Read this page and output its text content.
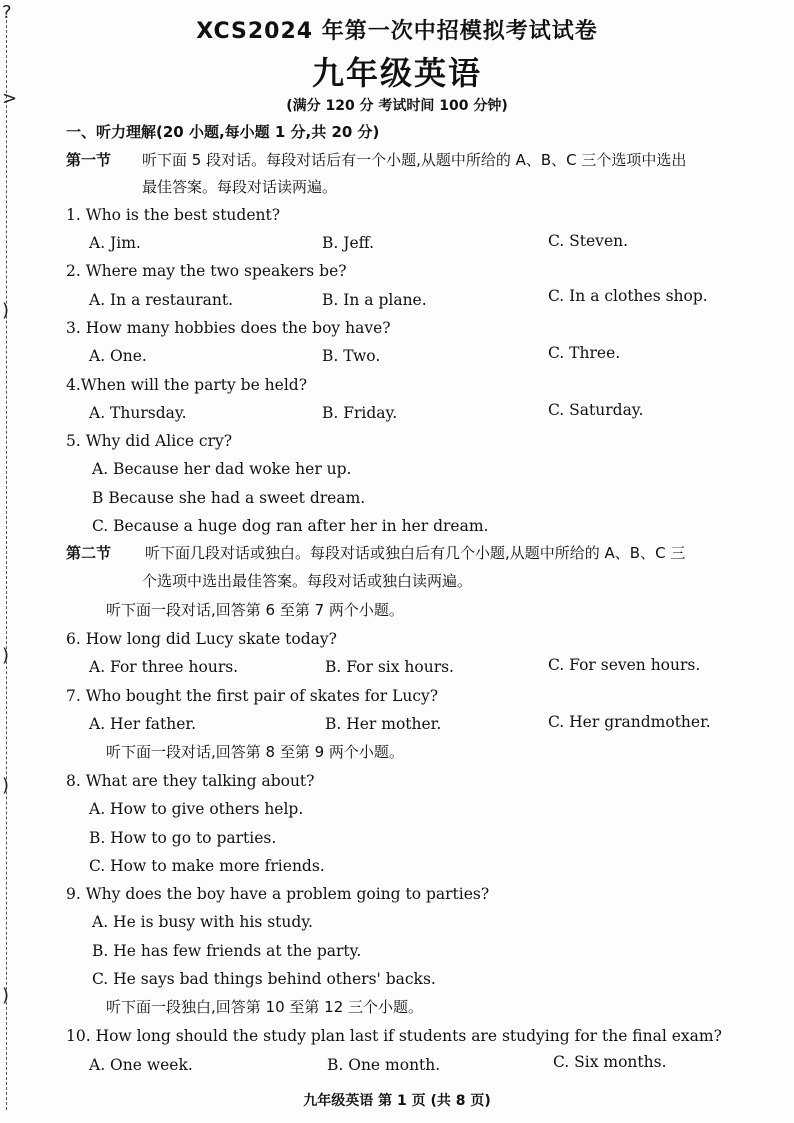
?
>
)
)
)
)
XCS2024 年第一次中招模拟考试试卷
九年级英语
(满分 120 分 考试时间 100 分钟)
一、听力理解(20 小题,每小题 1 分,共 20 分)
第一节 听下面 5 段对话。每段对话后有一个小题,从题中所给的 A、B、C 三个选项中选出
最佳答案。每段对话读两遍。
1. Who is the best student?
A. Jim.	B. Jeff.	C. Steven.
2. Where may the two speakers be?
A. In a restaurant.	B. In a plane.	C. In a clothes shop.
3. How many hobbies does the boy have?
A. One.	B. Two.	C. Three.
4.When will the party be held?
A. Thursday.	B. Friday.	C. Saturday.
5. Why did Alice cry?
A. Because her dad woke her up.
B Because she had a sweet dream.
C. Because a huge dog ran after her in her dream.
第二节 听下面几段对话或独白。每段对话或独白后有几个小题,从题中所给的 A、B、C 三
个选项中选出最佳答案。每段对话或独白读两遍。
听下面一段对话,回答第 6 至第 7 两个小题。
6. How long did Lucy skate today?
A. For three hours.	B. For six hours.	C. For seven hours.
7. Who bought the first pair of skates for Lucy?
A. Her father.	B. Her mother.	C. Her grandmother.
听下面一段对话,回答第 8 至第 9 两个小题。
8. What are they talking about?
A. How to give others help.
B. How to go to parties.
C. How to make more friends.
9. Why does the boy have a problem going to parties?
A. He is busy with his study.
B. He has few friends at the party.
C. He says bad things behind others' backs.
听下面一段独白,回答第 10 至第 12 三个小题。
10. How long should the study plan last if students are studying for the final exam?
A. One week.	B. One month.	C. Six months.
九年级英语 第 1 页 (共 8 页)
